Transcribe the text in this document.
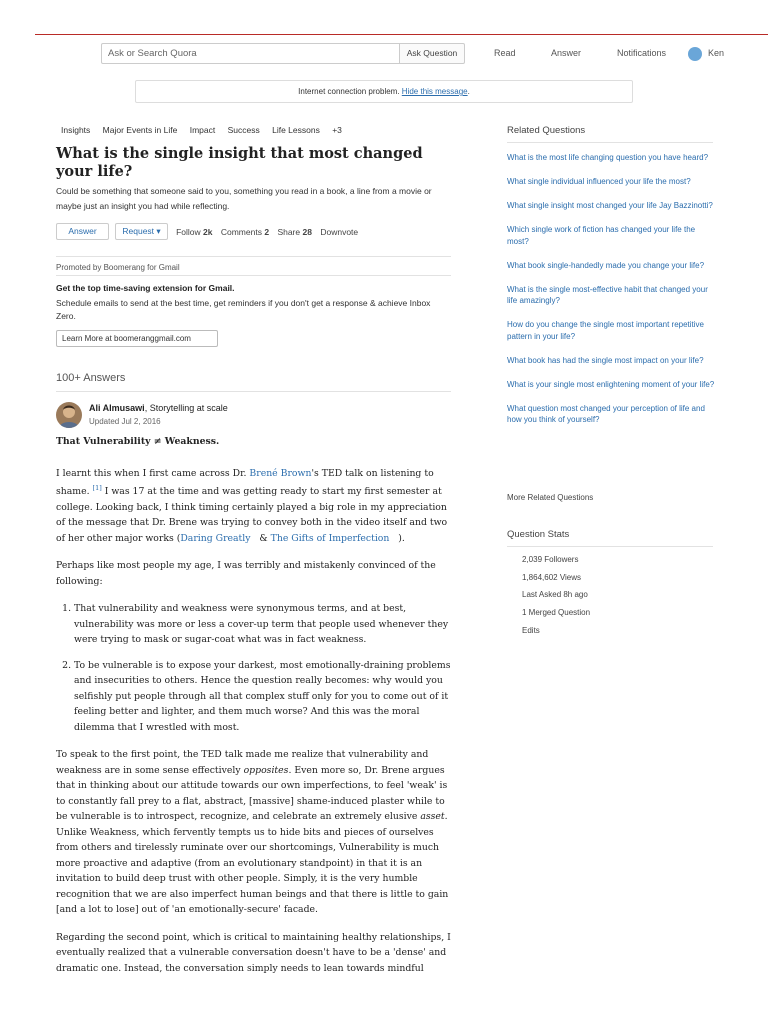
Ask or Search Quora	Ask Question	Read	Answer	Notifications	Ken
Internet connection problem. Hide this message.
Insights Major Events in Life Impact Success Life Lessons +3
What is the single insight that most changed your life?

Could be something that someone said to you, something you read in a book, a line from a movie or maybe just an insight you had while reflecting.

Answer	Request ▾ Follow 2k Comments 2 Share 28 Downvote
Promoted by Boomerang for Gmail
Get the top time-saving extension for Gmail.
Schedule emails to send at the best time, get reminders if you don't get a response & achieve Inbox Zero.
Learn More at boomeranggmail.com
100+ Answers
Ali Almusawi, Storytelling at scale
Updated Jul 2, 2016

That Vulnerability ≠ Weakness.

I learnt this when I first came across Dr. Brené Brown's TED talk on listening to shame. [1] I was 17 at the time and was getting ready to start my first semester at college. Looking back, I think timing certainly played a big role in my appreciation of the message that Dr. Brene was trying to convey both in the video itself and two of her other major works (Daring Greatly   & The Gifts of Imperfection   ).

Perhaps like most people my age, I was terribly and mistakenly convinced of the following:

1. That vulnerability and weakness were synonymous terms, and at best, vulnerability was more or less a cover-up term that people used whenever they were trying to mask or sugar-coat what was in fact weakness.
2. To be vulnerable is to expose your darkest, most emotionally-draining problems and insecurities to others. Hence the question really becomes: why would you selfishly put people through all that complex stuff only for you to come out of it feeling better and lighter, and them much worse? And this was the moral dilemma that I wrestled with most.

To speak to the first point, the TED talk made me realize that vulnerability and weakness are in some sense effectively opposites. Even more so, Dr. Brene argues that in thinking about our attitude towards our own imperfections, to feel 'weak' is to constantly fall prey to a flat, abstract, [massive] shame-induced plaster while to be vulnerable is to introspect, recognize, and celebrate an extremely elusive asset. Unlike Weakness, which fervently tempts us to hide bits and pieces of ourselves from others and tirelessly ruminate over our shortcomings, Vulnerability is much more proactive and adaptive (from an evolutionary standpoint) in that it is an invitation to build deep trust with other people. Simply, it is the very humble recognition that we are also imperfect human beings and that there is little to gain [and a lot to lose] out of 'an emotionally-secure' facade.

Regarding the second point, which is critical to maintaining healthy relationships, I eventually realized that a vulnerable conversation doesn't have to be a 'dense' and dramatic one. Instead, the conversation simply needs to lean towards mindful

Related Questions
What is the most life changing question you have heard?
What single individual influenced your life the most?
What single insight most changed your life Jay Bazzinotti?
Which single work of fiction has changed your life the most?
What book single-handedly made you change your life?
What is the single most-effective habit that changed your life amazingly?
How do you change the single most important repetitive pattern in your life?
What book has had the single most impact on your life?
What is your single most enlightening moment of your life?
What question most changed your perception of life and how you think of yourself?
More Related Questions
Question Stats
2,039 Followers
1,864,602 Views
Last Asked 8h ago
1 Merged Question
Edits
